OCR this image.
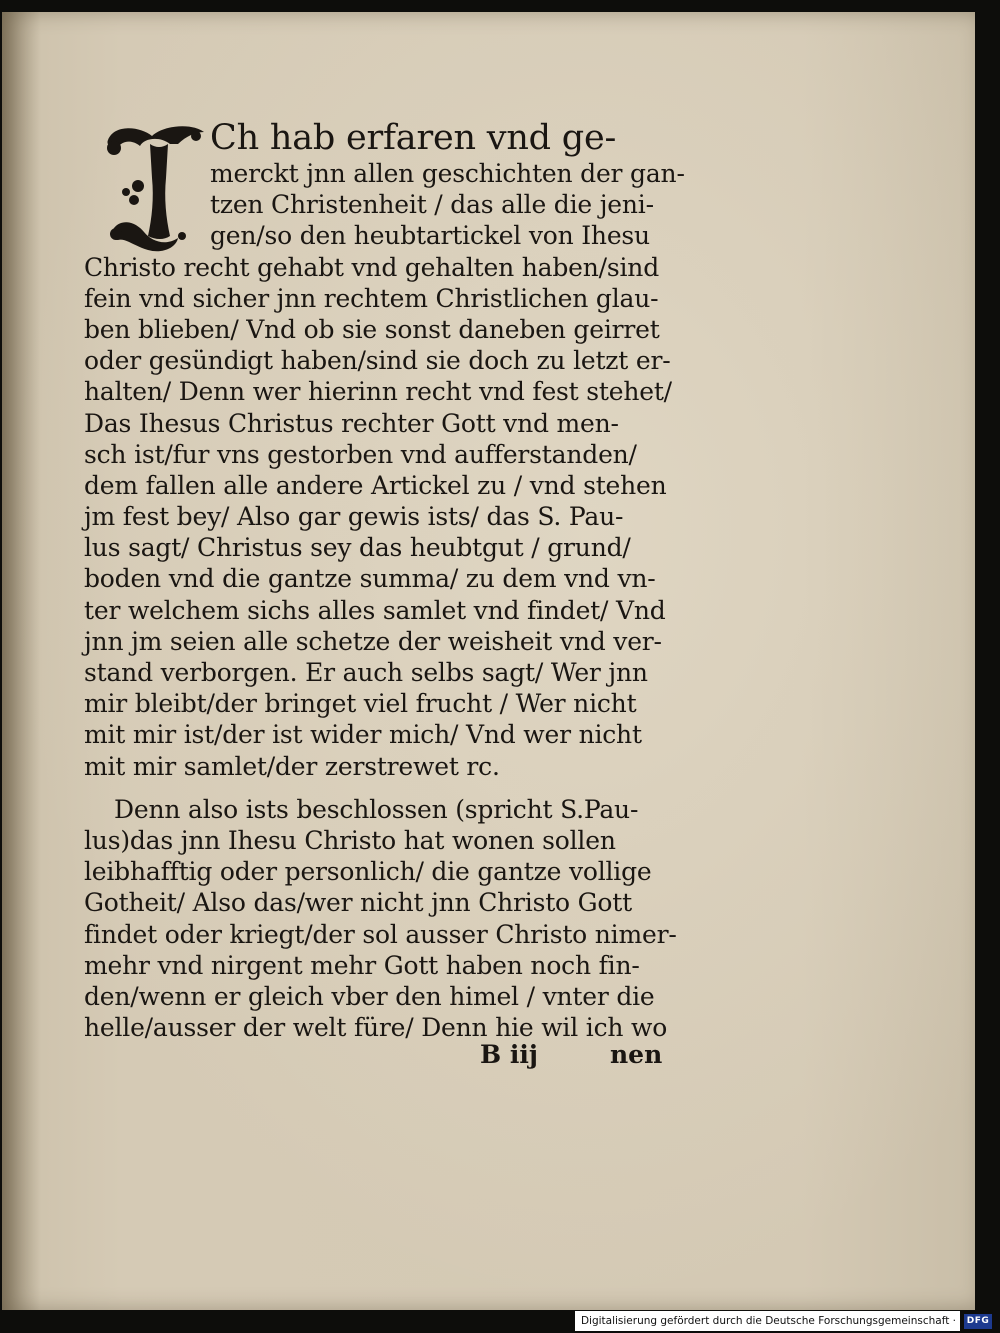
Ch hab erfaren vnd ge-
merckt jnn allen geschichten der gan-
tzen Christenheit / das alle die jeni-
gen/so den heubtartickel von Ihesu
Christo recht gehabt vnd gehalten haben/sind
fein vnd sicher jnn rechtem Christlichen glau-
ben blieben/ Vnd ob sie sonst daneben geirret
oder gesündigt haben/sind sie doch zu letzt er-
halten/ Denn wer hierinn recht vnd fest stehet/
Das Ihesus Christus rechter Gott vnd men-
sch ist/fur vns gestorben vnd aufferstanden/
dem fallen alle andere Artickel zu / vnd stehen
jm fest bey/ Also gar gewis ists/ das S. Pau-
lus sagt/ Christus sey das heubtgut / grund/
boden vnd die gantze summa/ zu dem vnd vn-
ter welchem sichs alles samlet vnd findet/ Vnd
jnn jm seien alle schetze der weisheit vnd ver-
stand verborgen. Er auch selbs sagt/ Wer jnn
mir bleibt/der bringet viel frucht / Wer nicht
mit mir ist/der ist wider mich/ Vnd wer nicht
mit mir samlet/der zerstrewet rc.
Denn also ists beschlossen (spricht S.Pau-
lus)das jnn Ihesu Christo hat wonen sollen
leibhafftig oder personlich/ die gantze vollige
Gotheit/ Also das/wer nicht jnn Christo Gott
findet oder kriegt/der sol ausser Christo nimer-
mehr vnd nirgent mehr Gott haben noch fin-
den/wenn er gleich vber den himel / vnter die
helle/ausser der welt füre/ Denn hie wil ich wo
B iij	nen
Digitalisierung gefördert durch die Deutsche Forschungsgemeinschaft ·	DFG
